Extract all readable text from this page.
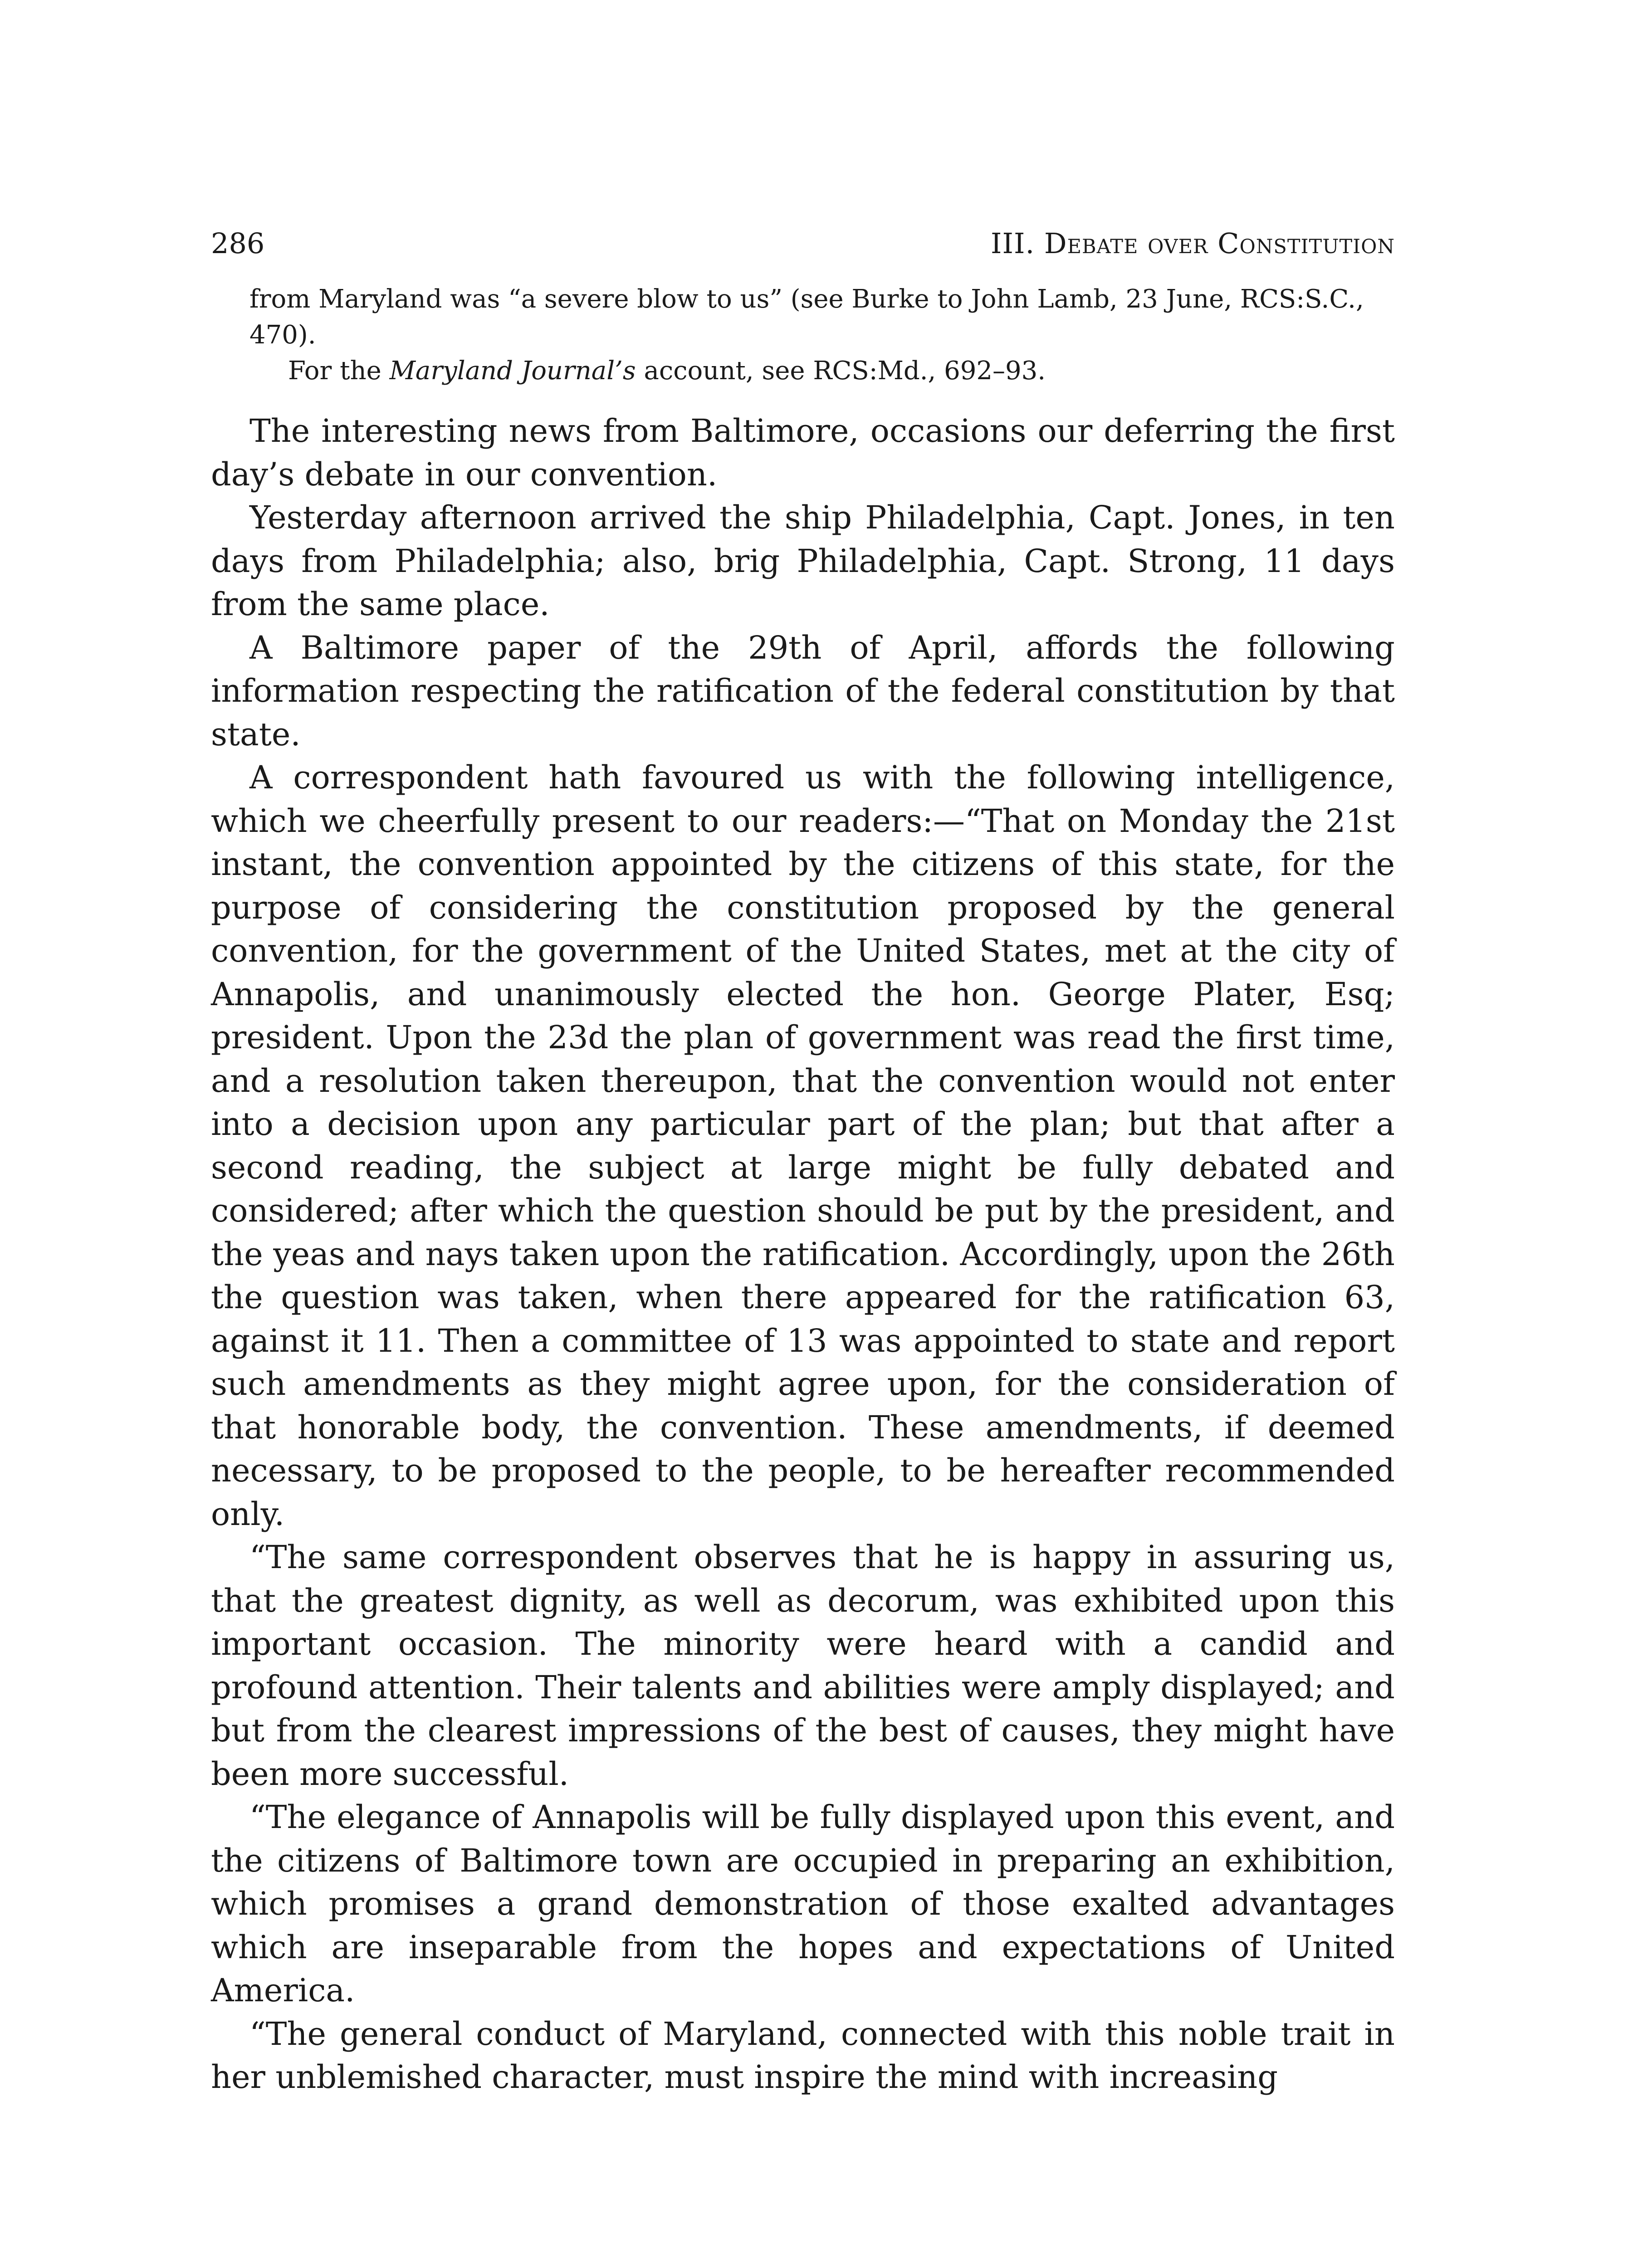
286	III. Debate over Constitution

from Maryland was “a severe blow to us” (see Burke to John Lamb, 23 June, RCS:S.C., 470).

For the Maryland Journal’s account, see RCS:Md., 692–93.

The interesting news from Baltimore, occasions our deferring the first day’s debate in our convention.

Yesterday afternoon arrived the ship Philadelphia, Capt. Jones, in ten days from Philadelphia; also, brig Philadelphia, Capt. Strong, 11 days from the same place.

A Baltimore paper of the 29th of April, affords the following information respecting the ratification of the federal constitution by that state.

A correspondent hath favoured us with the following intelligence, which we cheerfully present to our readers:—“That on Monday the 21st instant, the convention appointed by the citizens of this state, for the purpose of considering the constitution proposed by the general convention, for the government of the United States, met at the city of Annapolis, and unanimously elected the hon. George Plater, Esq; president. Upon the 23d the plan of government was read the first time, and a resolution taken thereupon, that the convention would not enter into a decision upon any particular part of the plan; but that after a second reading, the subject at large might be fully debated and considered; after which the question should be put by the president, and the yeas and nays taken upon the ratification. Accordingly, upon the 26th the question was taken, when there appeared for the ratification 63, against it 11. Then a committee of 13 was appointed to state and report such amendments as they might agree upon, for the consideration of that honorable body, the convention. These amendments, if deemed necessary, to be proposed to the people, to be hereafter recommended only.

“The same correspondent observes that he is happy in assuring us, that the greatest dignity, as well as decorum, was exhibited upon this important occasion. The minority were heard with a candid and profound attention. Their talents and abilities were amply displayed; and but from the clearest impressions of the best of causes, they might have been more successful.

“The elegance of Annapolis will be fully displayed upon this event, and the citizens of Baltimore town are occupied in preparing an exhibition, which promises a grand demonstration of those exalted advantages which are inseparable from the hopes and expectations of United America.

“The general conduct of Maryland, connected with this noble trait in her unblemished character, must inspire the mind with increasing
